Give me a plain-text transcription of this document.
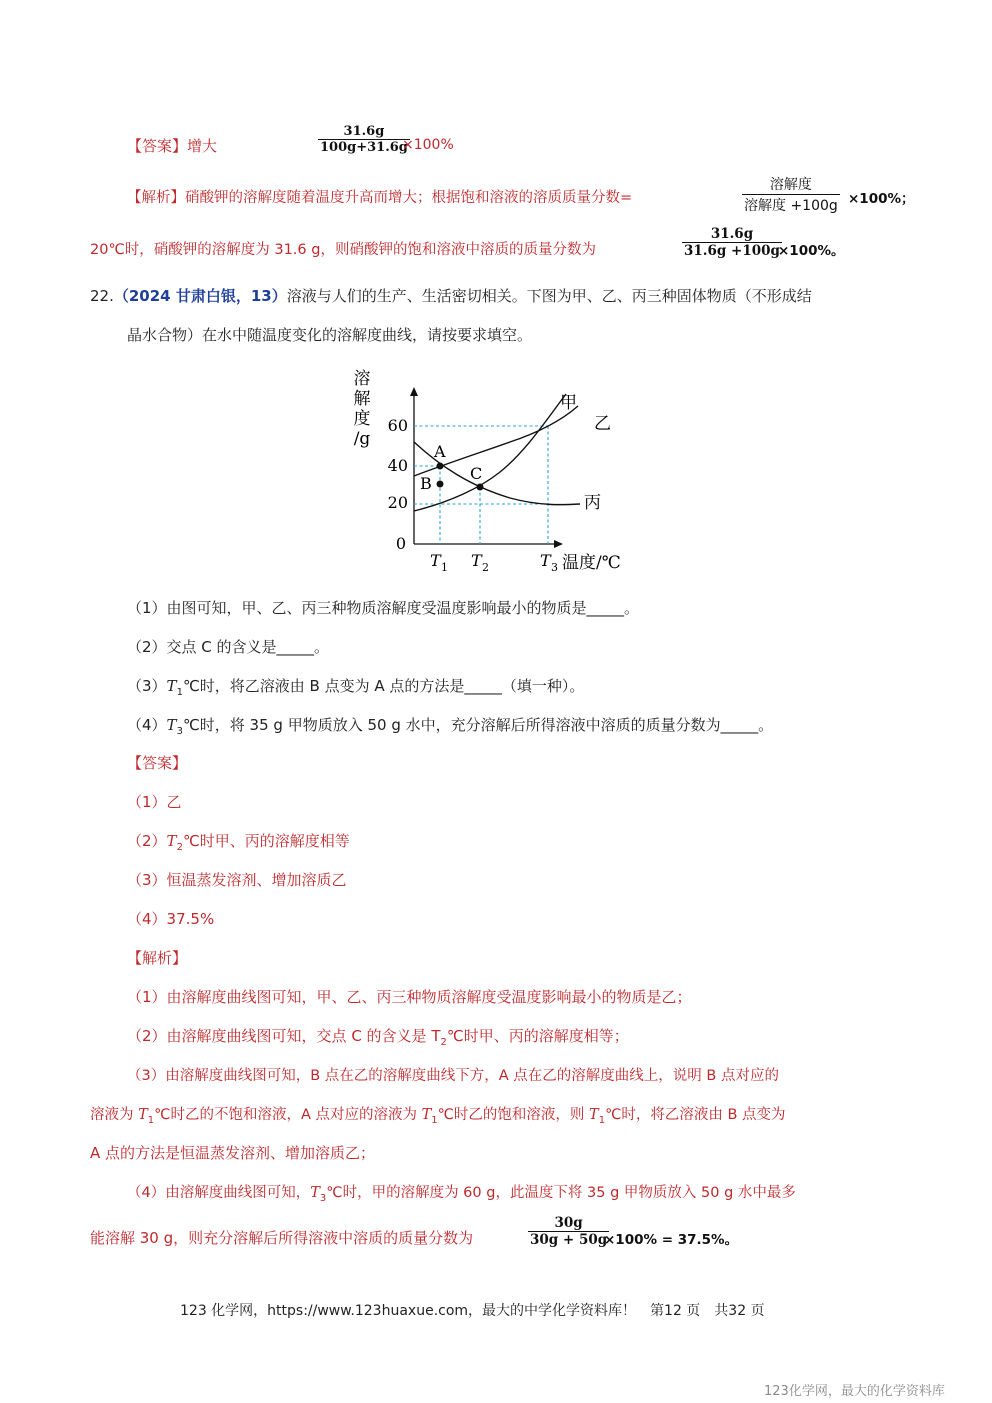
【答案】增大
31.6g
100g+31.6g
×100%
【解析】硝酸钾的溶解度随着温度升高而增大；根据饱和溶液的溶质质量分数=
溶解度
溶解度 +100g ×100%；
20℃时，硝酸钾的溶解度为 31.6 g，则硝酸钾的饱和溶液中溶质的质量分数为
31.6g
31.6g +100g
×100%。
22.（2024 甘肃白银，13）溶液与人们的生产、生活密切相关。下图为甲、乙、丙三种固体物质（不形成结
晶水合物）在水中随温度变化的溶解度曲线，请按要求填空。
溶
解
度
/g
0
60
40
20
A
B
C
甲
乙
丙
T 1 T 2	T 3 温度/℃
（1）由图可知，甲、乙、丙三种物质溶解度受温度影响最小的物质是_____。
（2）交点 C 的含义是_____。
$(3)T_1℃$时，将乙溶液由 B 点变为 A 点的方法是_____（填一种）。
$(4)T_3℃$时，将 35 g 甲物质放入 50 g 水中，充分溶解后所得溶液中溶质的质量分数为_____。
【答案】
（1）乙
$(2)T_2℃$时甲、丙的溶解度相等
（3）恒温蒸发溶剂、增加溶质乙
（4）37.5%
【解析】
（1）由溶解度曲线图可知，甲、乙、丙三种物质溶解度受温度影响最小的物质是乙；
（2）由溶解度曲线图可知，交点 C 的含义是 $T_2℃$时甲、丙的溶解度相等；
（3）由溶解度曲线图可知，B 点在乙的溶解度曲线下方，A 点在乙的溶解度曲线上，说明 B 点对应的
溶液为 $T_1℃$时乙的不饱和溶液，A 点对应的溶液为 $T_1℃$时乙的饱和溶液，则 $T_1℃$时，将乙溶液由 B 点变为
A 点的方法是恒温蒸发溶剂、增加溶质乙；
（4）由溶解度曲线图可知，$T_3℃$时，甲的溶解度为 60 g，此温度下将 35 g 甲物质放入 50 g 水中最多
能溶解 30 g，则充分溶解后所得溶液中溶质的质量分数为
30g
30g + 50g
×100% = 37.5%。
123 化学网，https://www.123huaxue.com，最大的中学化学资料库！　第12 页　共32 页
123化学网，最大的化学资料库
